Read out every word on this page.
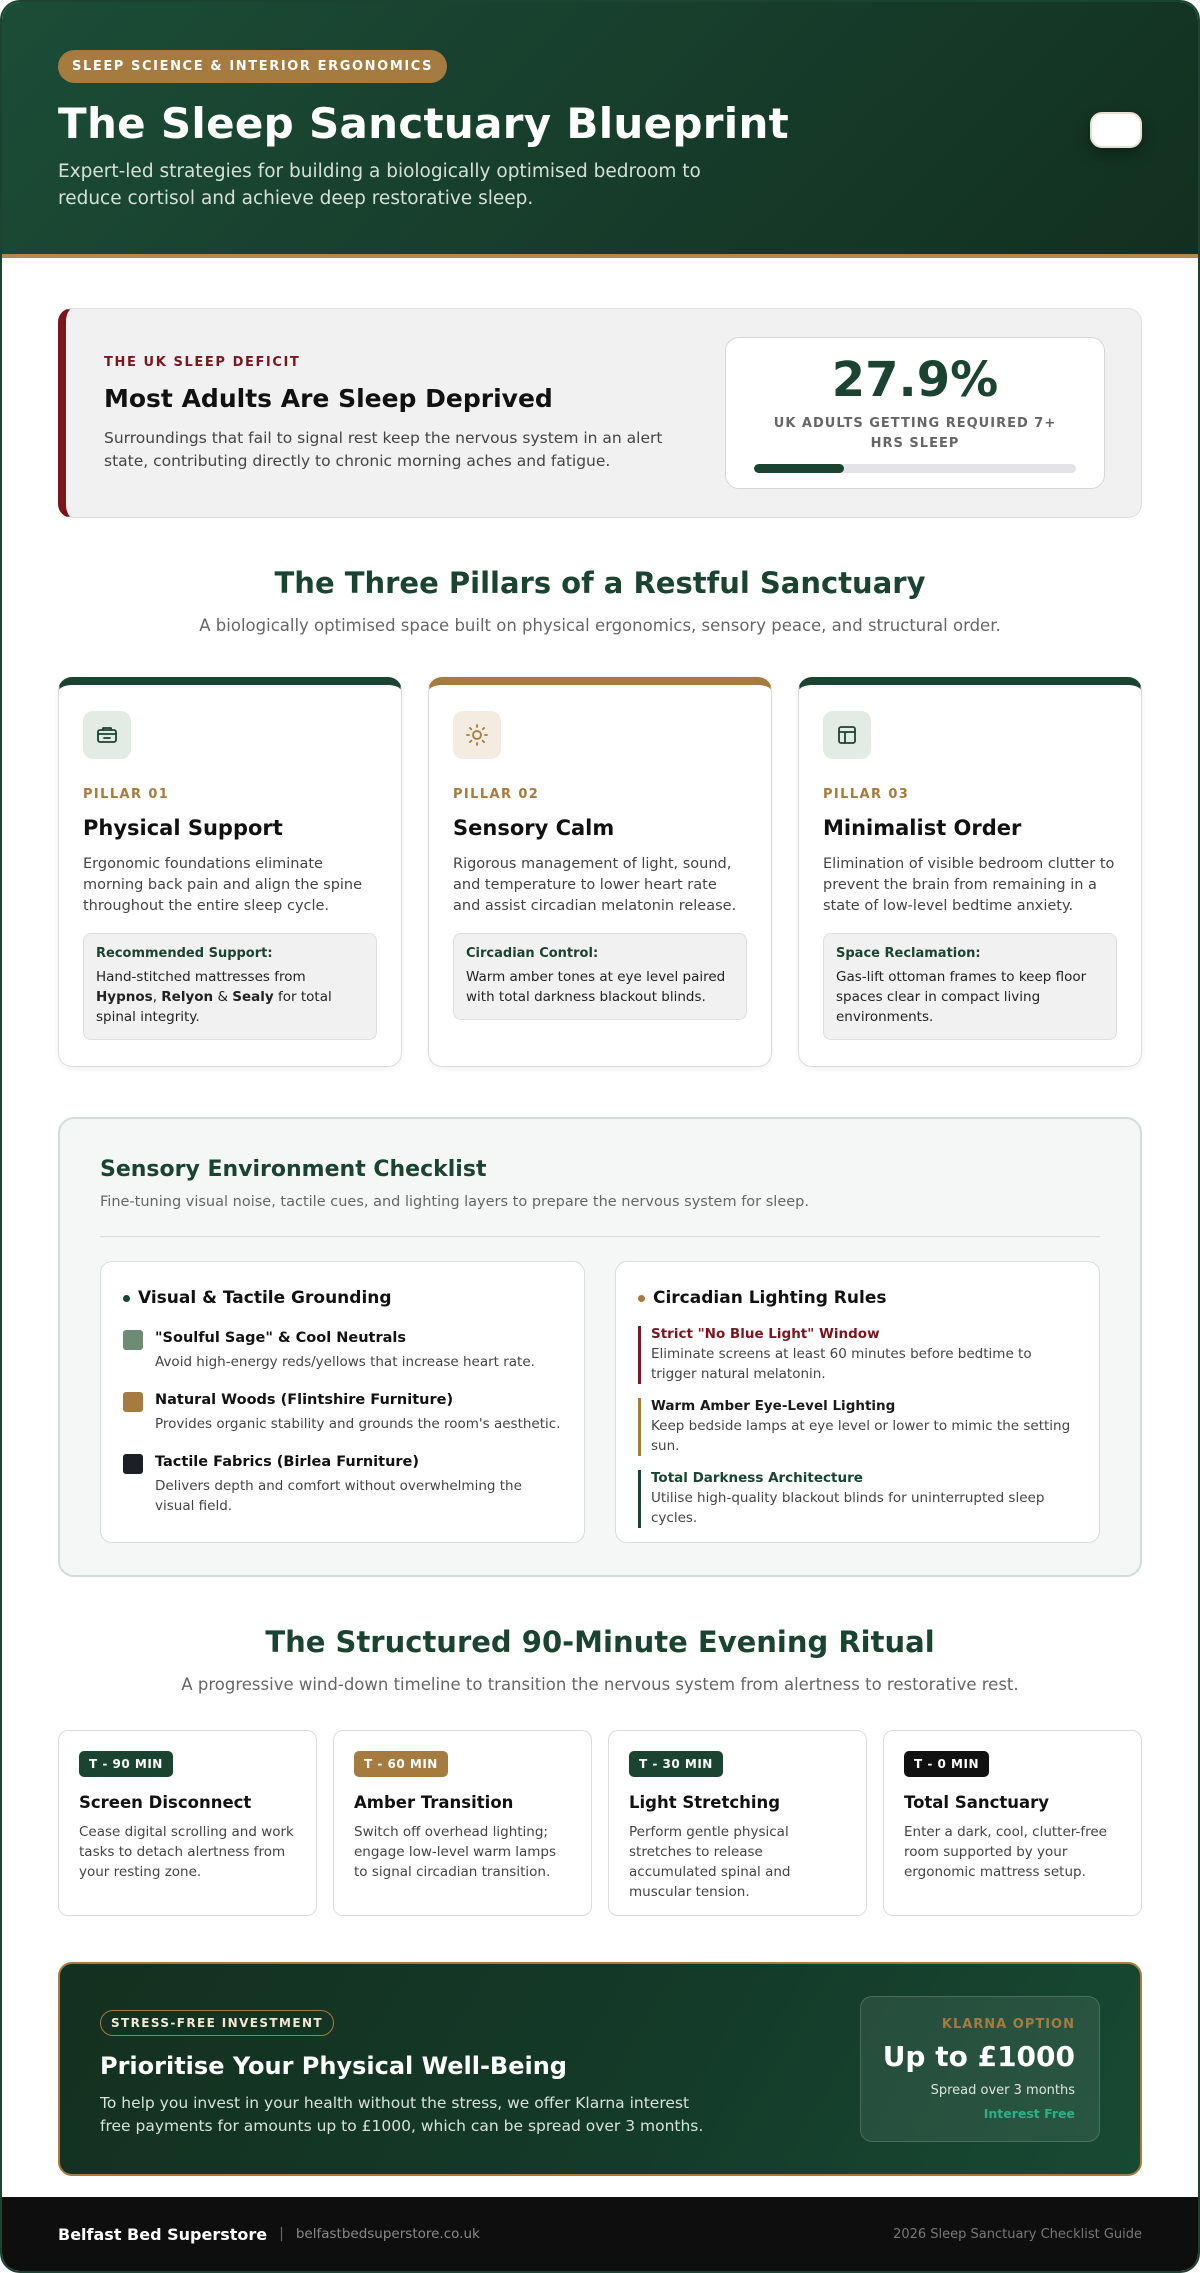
SLEEP SCIENCE & INTERIOR ERGONOMICS
The Sleep Sanctuary Blueprint

Expert-led strategies for building a biologically optimised bedroom to reduce cortisol and achieve deep restorative sleep.

THE UK SLEEP DEFICIT
Most Adults Are Sleep Deprived

Surroundings that fail to signal rest keep the nervous system in an alert state, contributing directly to chronic morning aches and fatigue.

27.9%
UK ADULTS GETTING REQUIRED 7+ HRS SLEEP
The Three Pillars of a Restful Sanctuary

A biologically optimised space built on physical ergonomics, sensory peace, and structural order.

PILLAR 01
Physical Support

Ergonomic foundations eliminate morning back pain and align the spine throughout the entire sleep cycle.

Recommended Support:
Hand-stitched mattresses from Hypnos, Relyon & Sealy for total spinal integrity.
PILLAR 02
Sensory Calm

Rigorous management of light, sound, and temperature to lower heart rate and assist circadian melatonin release.

Circadian Control:
Warm amber tones at eye level paired with total darkness blackout blinds.
PILLAR 03
Minimalist Order

Elimination of visible bedroom clutter to prevent the brain from remaining in a state of low-level bedtime anxiety.

Space Reclamation:
Gas-lift ottoman frames to keep floor spaces clear in compact living environments.
Sensory Environment Checklist
Fine-tuning visual noise, tactile cues, and lighting layers to prepare the nervous system for sleep.
Visual & Tactile Grounding
"Soulful Sage" & Cool Neutrals
Avoid high-energy reds/yellows that increase heart rate.
Natural Woods (Flintshire Furniture)
Provides organic stability and grounds the room's aesthetic.
Tactile Fabrics (Birlea Furniture)
Delivers depth and comfort without overwhelming the visual field.
Circadian Lighting Rules
Strict "No Blue Light" Window
Eliminate screens at least 60 minutes before bedtime to trigger natural melatonin.
Warm Amber Eye-Level Lighting
Keep bedside lamps at eye level or lower to mimic the setting sun.
Total Darkness Architecture
Utilise high-quality blackout blinds for uninterrupted sleep cycles.
The Structured 90-Minute Evening Ritual

A progressive wind-down timeline to transition the nervous system from alertness to restorative rest.

T - 90 MIN
Screen Disconnect

Cease digital scrolling and work tasks to detach alertness from your resting zone.

T - 60 MIN
Amber Transition

Switch off overhead lighting; engage low-level warm lamps to signal circadian transition.

T - 30 MIN
Light Stretching

Perform gentle physical stretches to release accumulated spinal and muscular tension.

T - 0 MIN
Total Sanctuary

Enter a dark, cool, clutter-free room supported by your ergonomic mattress setup.

STRESS-FREE INVESTMENT
Prioritise Your Physical Well-Being

To help you invest in your health without the stress, we offer Klarna interest free payments for amounts up to £1000, which can be spread over 3 months.

KLARNA OPTION
Up to £1000
Spread over 3 months
Interest Free
Belfast Bed Superstore | belfastbedsuperstore.co.uk	2026 Sleep Sanctuary Checklist Guide
